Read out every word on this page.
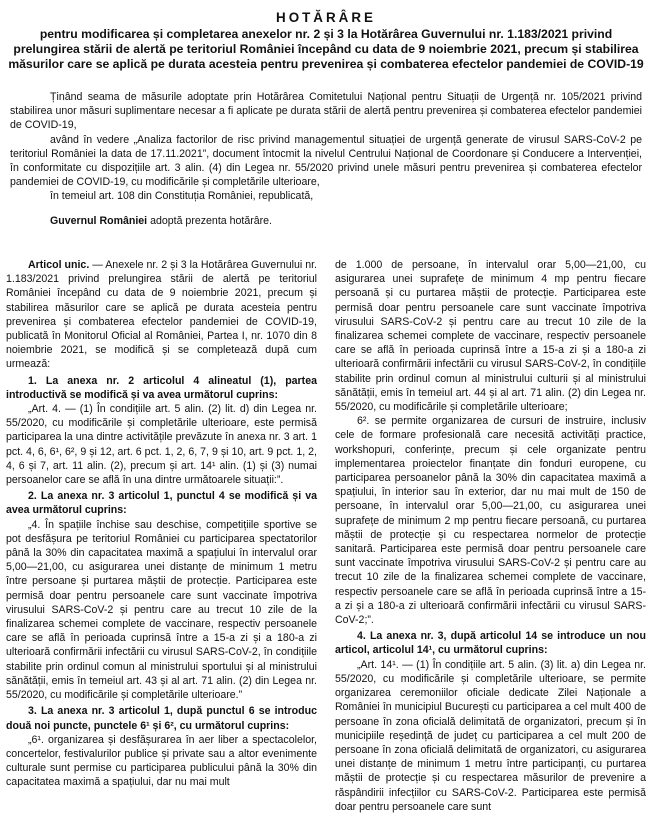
HOTĂRÂRE
pentru modificarea și completarea anexelor nr. 2 și 3 la Hotărârea Guvernului nr. 1.183/2021 privind prelungirea stării de alertă pe teritoriul României începând cu data de 9 noiembrie 2021, precum și stabilirea măsurilor care se aplică pe durata acesteia pentru prevenirea și combaterea efectelor pandemiei de COVID-19

Ținând seama de măsurile adoptate prin Hotărârea Comitetului Național pentru Situații de Urgență nr. 105/2021 privind stabilirea unor măsuri suplimentare necesar a fi aplicate pe durata stării de alertă pentru prevenirea și combaterea efectelor pandemiei de COVID-19,

având în vedere „Analiza factorilor de risc privind managementul situației de urgență generate de virusul SARS-CoV-2 pe teritoriul României la data de 17.11.2021”, document întocmit la nivelul Centrului Național de Coordonare și Conducere a Intervenției, în conformitate cu dispozițiile art. 3 alin. (4) din Legea nr. 55/2020 privind unele măsuri pentru prevenirea și combaterea efectelor pandemiei de COVID-19, cu modificările și completările ulterioare,

în temeiul art. 108 din Constituția României, republicată,

Guvernul României adoptă prezenta hotărâre.

Articol unic. — Anexele nr. 2 și 3 la Hotărârea Guvernului nr. 1.183/2021 privind prelungirea stării de alertă pe teritoriul României începând cu data de 9 noiembrie 2021, precum și stabilirea măsurilor care se aplică pe durata acesteia pentru prevenirea și combaterea efectelor pandemiei de COVID-19, publicată în Monitorul Oficial al României, Partea I, nr. 1070 din 8 noiembrie 2021, se modifică și se completează după cum urmează:

1. La anexa nr. 2 articolul 4 alineatul (1), partea introductivă se modifică și va avea următorul cuprins:

„Art. 4. — (1) În condițiile art. 5 alin. (2) lit. d) din Legea nr. 55/2020, cu modificările și completările ulterioare, este permisă participarea la una dintre activitățile prevăzute în anexa nr. 3 art. 1 pct. 4, 6, 6¹, 6², 9 și 12, art. 6 pct. 1, 2, 6, 7, 9 și 10, art. 9 pct. 1, 2, 4, 6 și 7, art. 11 alin. (2), precum și art. 14¹ alin. (1) și (3) numai persoanelor care se află în una dintre următoarele situații:”.

2. La anexa nr. 3 articolul 1, punctul 4 se modifică și va avea următorul cuprins:

„4. În spațiile închise sau deschise, competițiile sportive se pot desfășura pe teritoriul României cu participarea spectatorilor până la 30% din capacitatea maximă a spațiului în intervalul orar 5,00—21,00, cu asigurarea unei distanțe de minimum 1 metru între persoane și purtarea măștii de protecție. Participarea este permisă doar pentru persoanele care sunt vaccinate împotriva virusului SARS-CoV-2 și pentru care au trecut 10 zile de la finalizarea schemei complete de vaccinare, respectiv persoanele care se află în perioada cuprinsă între a 15-a zi și a 180-a zi ulterioară confirmării infectării cu virusul SARS-CoV-2, în condițiile stabilite prin ordinul comun al ministrului sportului și al ministrului sănătății, emis în temeiul art. 43 și al art. 71 alin. (2) din Legea nr. 55/2020, cu modificările și completările ulterioare.”

3. La anexa nr. 3 articolul 1, după punctul 6 se introduc două noi puncte, punctele 6¹ și 6², cu următorul cuprins:

„6¹. organizarea și desfășurarea în aer liber a spectacolelor, concertelor, festivalurilor publice și private sau a altor evenimente culturale sunt permise cu participarea publicului până la 30% din capacitatea maximă a spațiului, dar nu mai mult

de 1.000 de persoane, în intervalul orar 5,00—21,00, cu asigurarea unei suprafețe de minimum 4 mp pentru fiecare persoană și cu purtarea măștii de protecție. Participarea este permisă doar pentru persoanele care sunt vaccinate împotriva virusului SARS-CoV-2 și pentru care au trecut 10 zile de la finalizarea schemei complete de vaccinare, respectiv persoanele care se află în perioada cuprinsă între a 15-a zi și a 180-a zi ulterioară confirmării infectării cu virusul SARS-CoV-2, în condițiile stabilite prin ordinul comun al ministrului culturii și al ministrului sănătății, emis în temeiul art. 44 și al art. 71 alin. (2) din Legea nr. 55/2020, cu modificările și completările ulterioare;

6². se permite organizarea de cursuri de instruire, inclusiv cele de formare profesională care necesită activități practice, workshopuri, conferințe, precum și cele organizate pentru implementarea proiectelor finanțate din fonduri europene, cu participarea persoanelor până la 30% din capacitatea maximă a spațiului, în interior sau în exterior, dar nu mai mult de 150 de persoane, în intervalul orar 5,00—21,00, cu asigurarea unei suprafețe de minimum 2 mp pentru fiecare persoană, cu purtarea măștii de protecție și cu respectarea normelor de protecție sanitară. Participarea este permisă doar pentru persoanele care sunt vaccinate împotriva virusului SARS-CoV-2 și pentru care au trecut 10 zile de la finalizarea schemei complete de vaccinare, respectiv persoanele care se află în perioada cuprinsă între a 15-a zi și a 180-a zi ulterioară confirmării infectării cu virusul SARS-CoV-2;”.

4. La anexa nr. 3, după articolul 14 se introduce un nou articol, articolul 14¹, cu următorul cuprins:

„Art. 14¹. — (1) În condițiile art. 5 alin. (3) lit. a) din Legea nr. 55/2020, cu modificările și completările ulterioare, se permite organizarea ceremoniilor oficiale dedicate Zilei Naționale a României în municipiul București cu participarea a cel mult 400 de persoane în zona oficială delimitată de organizatori, precum și în municipiile reședință de județ cu participarea a cel mult 200 de persoane în zona oficială delimitată de organizatori, cu asigurarea unei distanțe de minimum 1 metru între participanți, cu purtarea măștii de protecție și cu respectarea măsurilor de prevenire a răspândirii infecțiilor cu SARS-CoV-2. Participarea este permisă doar pentru persoanele care sunt
